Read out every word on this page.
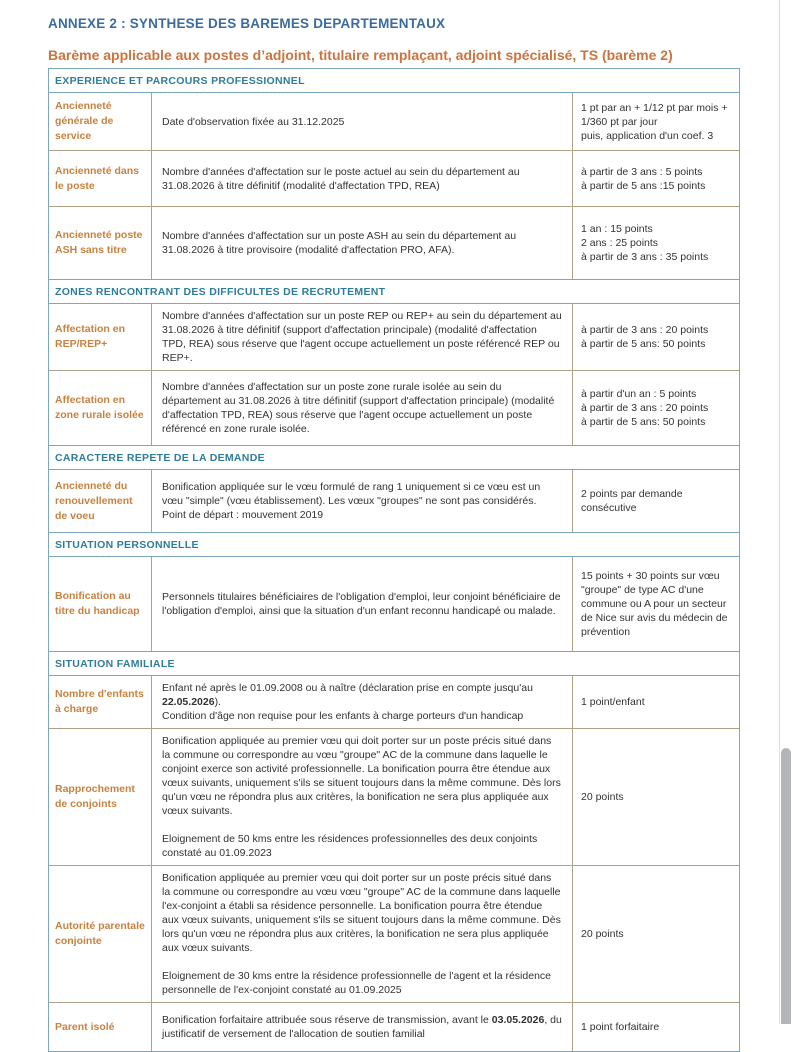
ANNEXE 2 : SYNTHESE DES BAREMES DEPARTEMENTAUX
Barème applicable aux postes d’adjoint, titulaire remplaçant, adjoint spécialisé, TS (barème 2)
EXPERIENCE ET PARCOURS PROFESSIONNEL
Ancienneté générale de service
Date d'observation fixée au 31.12.2025
1 pt par an + 1/12 pt par mois + 1/360 pt par jour
puis, application d'un coef. 3
Ancienneté dans le poste
Nombre d'années d'affectation sur le poste actuel au sein du département au 31.08.2026 à titre définitif (modalité d'affectation TPD, REA)
à partir de 3 ans : 5 points
à partir de 5 ans :15 points
Ancienneté poste ASH sans titre
Nombre d'années d'affectation sur un poste ASH au sein du département au 31.08.2026 à titre provisoire (modalité d'affectation PRO, AFA).
1 an : 15 points
2 ans : 25 points
à partir de 3 ans : 35 points
ZONES RENCONTRANT DES DIFFICULTES DE RECRUTEMENT
Affectation en REP/REP+
Nombre d'années d'affectation sur un poste REP ou REP+ au sein du département au 31.08.2026 à titre définitif (support d'affectation principale) (modalité d'affectation TPD, REA) sous réserve que l'agent occupe actuellement un poste référencé REP ou REP+.
à partir de 3 ans : 20 points
à partir de 5 ans: 50 points
Affectation en zone rurale isolée
Nombre d'années d'affectation sur un poste zone rurale isolée au sein du département au 31.08.2026 à titre définitif (support d'affectation principale) (modalité d'affectation TPD, REA) sous réserve que l'agent occupe actuellement un poste référencé en zone rurale isolée.
à partir d'un an : 5 points
à partir de 3 ans : 20 points
à partir de 5 ans: 50 points
CARACTERE REPETE DE LA DEMANDE
Ancienneté du renouvellement de voeu
Bonification appliquée sur le vœu formulé de rang 1 uniquement si ce vœu est un vœu "simple" (vœu établissement). Les vœux "groupes" ne sont pas considérés.
Point de départ : mouvement 2019
2 points par demande consécutive
SITUATION PERSONNELLE
Bonification au titre du handicap
Personnels titulaires bénéficiaires de l'obligation d'emploi, leur conjoint bénéficiaire de l'obligation d'emploi, ainsi que la situation d'un enfant reconnu handicapé ou malade.
15 points + 30 points sur vœu "groupe" de type AC d'une commune ou A pour un secteur de Nice sur avis du médecin de prévention
SITUATION FAMILIALE
Nombre d'enfants à charge
Enfant né après le 01.09.2008 ou à naître (déclaration prise en compte jusqu'au 22.05.2026).
Condition d'âge non requise pour les enfants à charge porteurs d'un handicap
1 point/enfant
Rapprochement de conjoints
Bonification appliquée au premier vœu qui doit porter sur un poste précis situé dans la commune ou correspondre au vœu "groupe" AC de la commune dans laquelle le conjoint exerce son activité professionnelle. La bonification pourra être étendue aux vœux suivants, uniquement s'ils se situent toujours dans la même commune. Dès lors qu'un vœu ne répondra plus aux critères, la bonification ne sera plus appliquée aux vœux suivants.
Eloignement de 50 kms entre les résidences professionnelles des deux conjoints constaté au 01.09.2023
20 points
Autorité parentale conjointe
Bonification appliquée au premier vœu qui doit porter sur un poste précis situé dans la commune ou correspondre au vœu vœu "groupe" AC de la commune dans laquelle l'ex-conjoint a établi sa résidence personnelle. La bonification pourra être étendue aux vœux suivants, uniquement s'ils se situent toujours dans la même commune. Dès lors qu'un vœu ne répondra plus aux critères, la bonification ne sera plus appliquée aux vœux suivants.
Eloignement de 30 kms entre la résidence professionnelle de l'agent et la résidence personnelle de l'ex-conjoint constaté au 01.09.2025
20 points
Parent isolé
Bonification forfaitaire attribuée sous réserve de transmission, avant le 03.05.2026, du justificatif de versement de l'allocation de soutien familial
1 point forfaitaire
